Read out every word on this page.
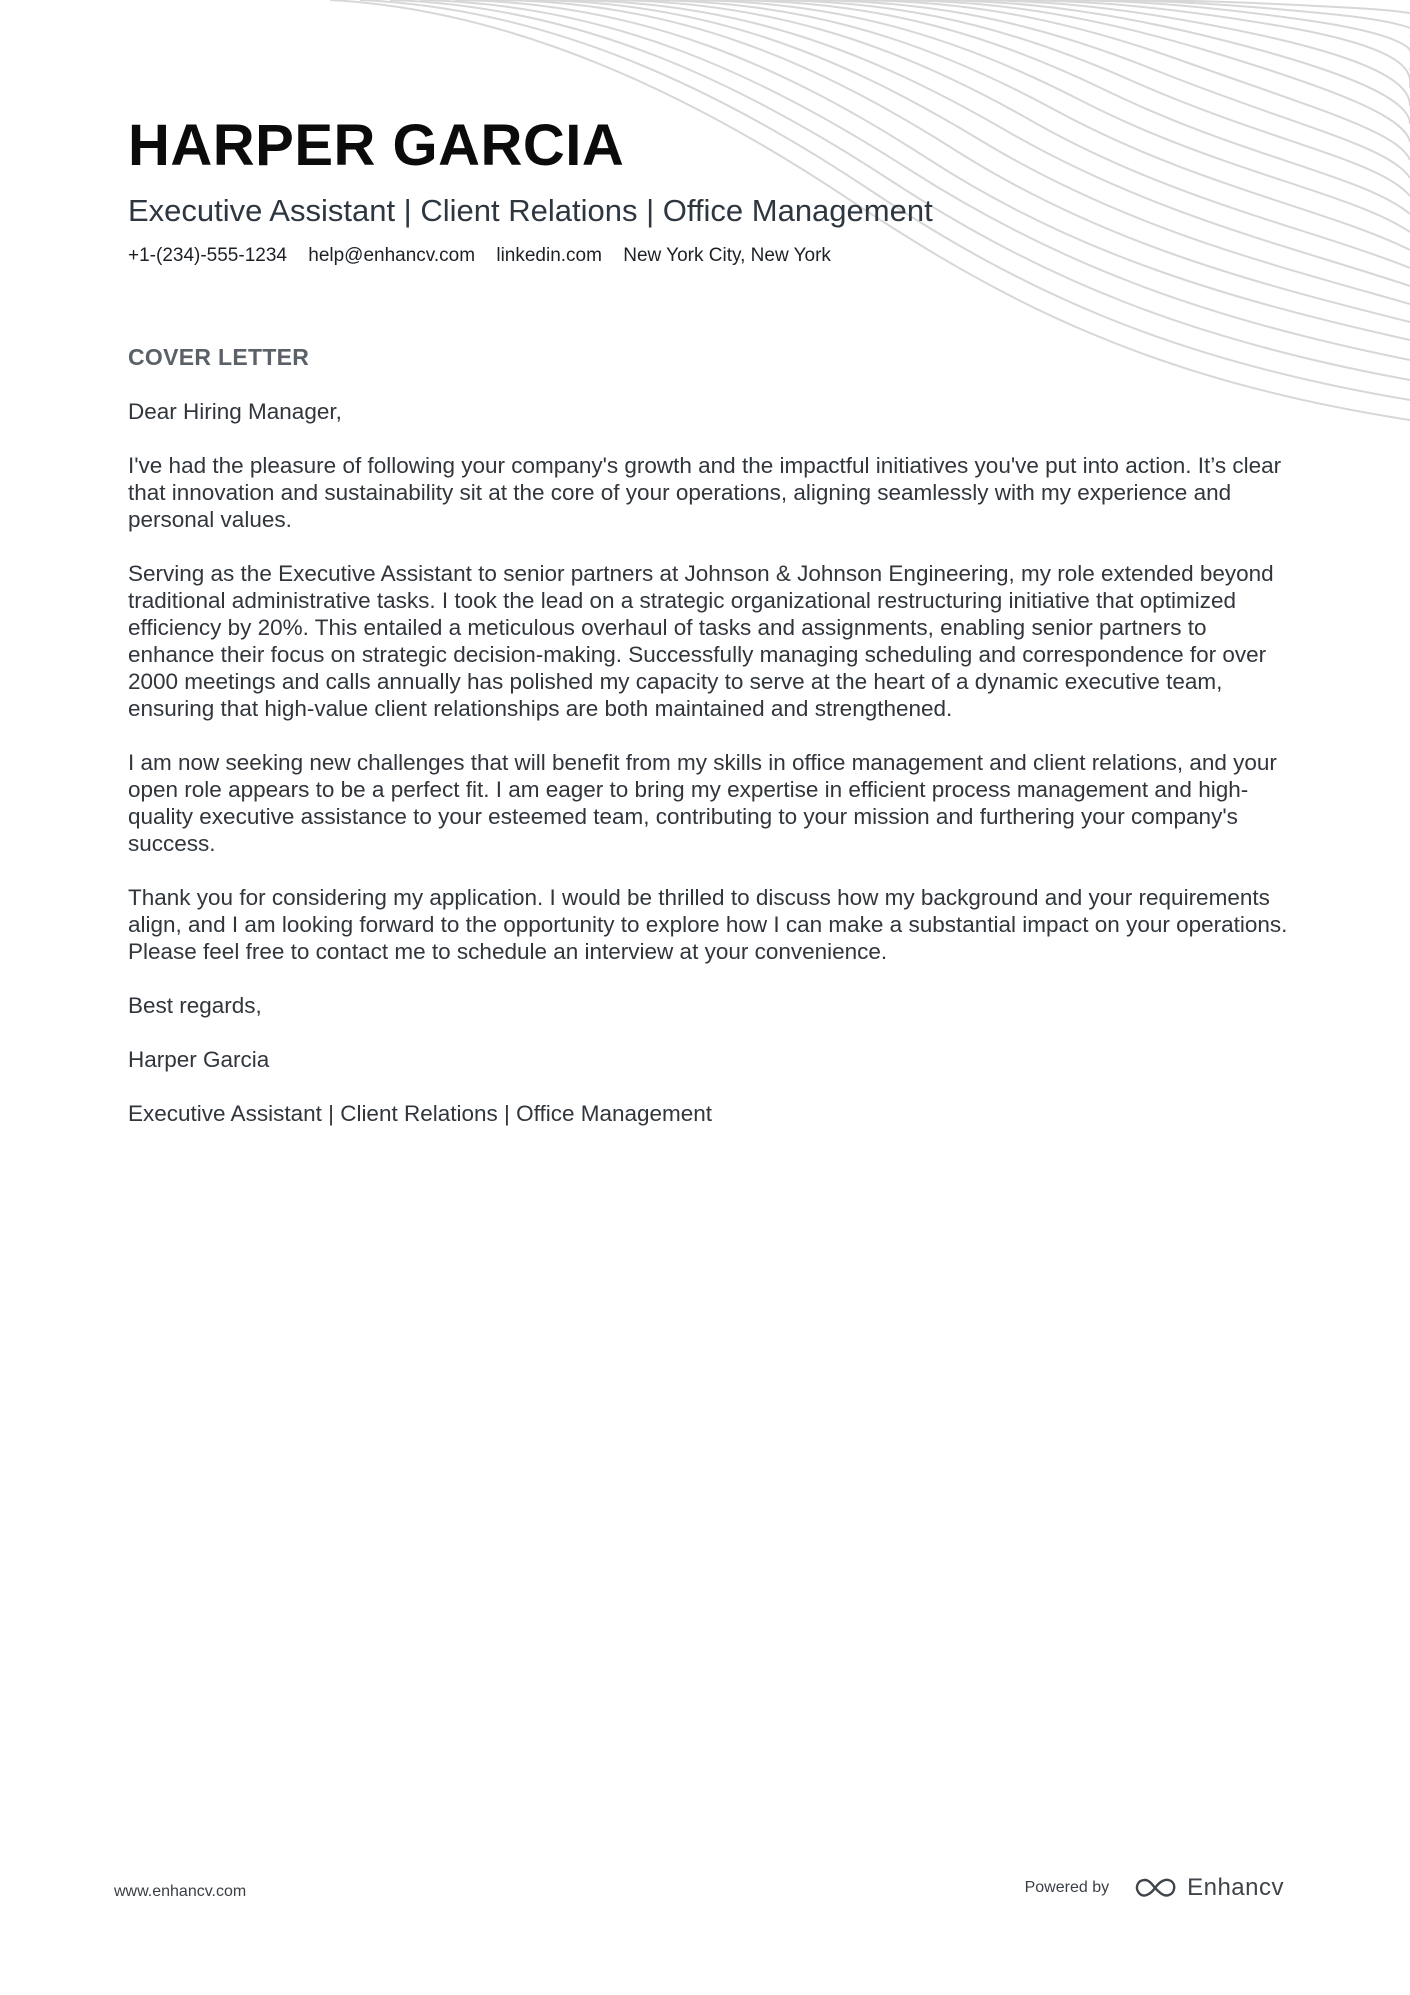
HARPER GARCIA
Executive Assistant | Client Relations | Office Management
+1-(234)-555-1234 help@enhancv.com linkedin.com New York City, New York
COVER LETTER

Dear Hiring Manager,

I've had the pleasure of following your company's growth and the impactful initiatives you've put into action. It’s clear that innovation and sustainability sit at the core of your operations, aligning seamlessly with my experience and personal values.

Serving as the Executive Assistant to senior partners at Johnson & Johnson Engineering, my role extended beyond traditional administrative tasks. I took the lead on a strategic organizational restructuring initiative that optimized efficiency by 20%. This entailed a meticulous overhaul of tasks and assignments, enabling senior partners to enhance their focus on strategic decision-making. Successfully managing scheduling and correspondence for over 2000 meetings and calls annually has polished my capacity to serve at the heart of a dynamic executive team, ensuring that high-value client relationships are both maintained and strengthened.

I am now seeking new challenges that will benefit from my skills in office management and client relations, and your open role appears to be a perfect fit. I am eager to bring my expertise in efficient process management and high-quality executive assistance to your esteemed team, contributing to your mission and furthering your company's success.

Thank you for considering my application. I would be thrilled to discuss how my background and your requirements align, and I am looking forward to the opportunity to explore how I can make a substantial impact on your operations. Please feel free to contact me to schedule an interview at your convenience.

Best regards,

Harper Garcia

Executive Assistant | Client Relations | Office Management

www.enhancv.com	Powered by	Enhancv
